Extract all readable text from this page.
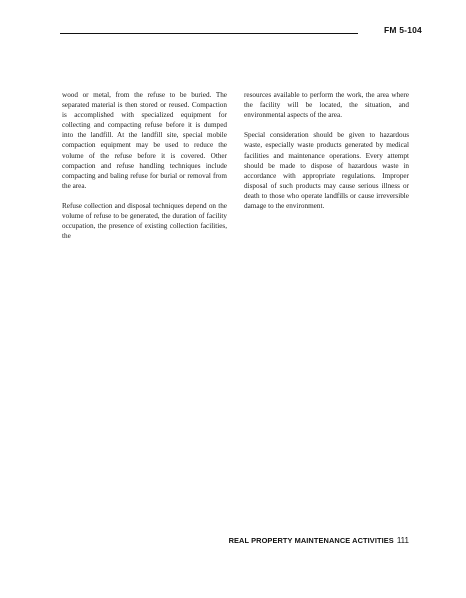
FM 5-104

wood or metal, from the refuse to be buried. The separated material is then stored or reused. Compaction is accomplished with specialized equipment for collecting and compacting refuse before it is dumped into the landfill. At the landfill site, special mobile compaction equipment may be used to reduce the volume of the refuse before it is covered. Other compaction and refuse handling techniques include compacting and baling refuse for burial or removal from the area.

Refuse collection and disposal techniques depend on the volume of refuse to be generated, the duration of facility occupation, the presence of existing collection facilities, the

resources available to perform the work, the area where the facility will be located, the situation, and environmental aspects of the area.

Special consideration should be given to hazardous waste, especially waste products generated by medical facilities and maintenance operations. Every attempt should be made to dispose of hazardous waste in accordance with appropriate regulations. Improper disposal of such products may cause serious illness or death to those who operate landfills or cause irreversible damage to the environment.

REAL PROPERTY MAINTENANCE ACTIVITIES 111
